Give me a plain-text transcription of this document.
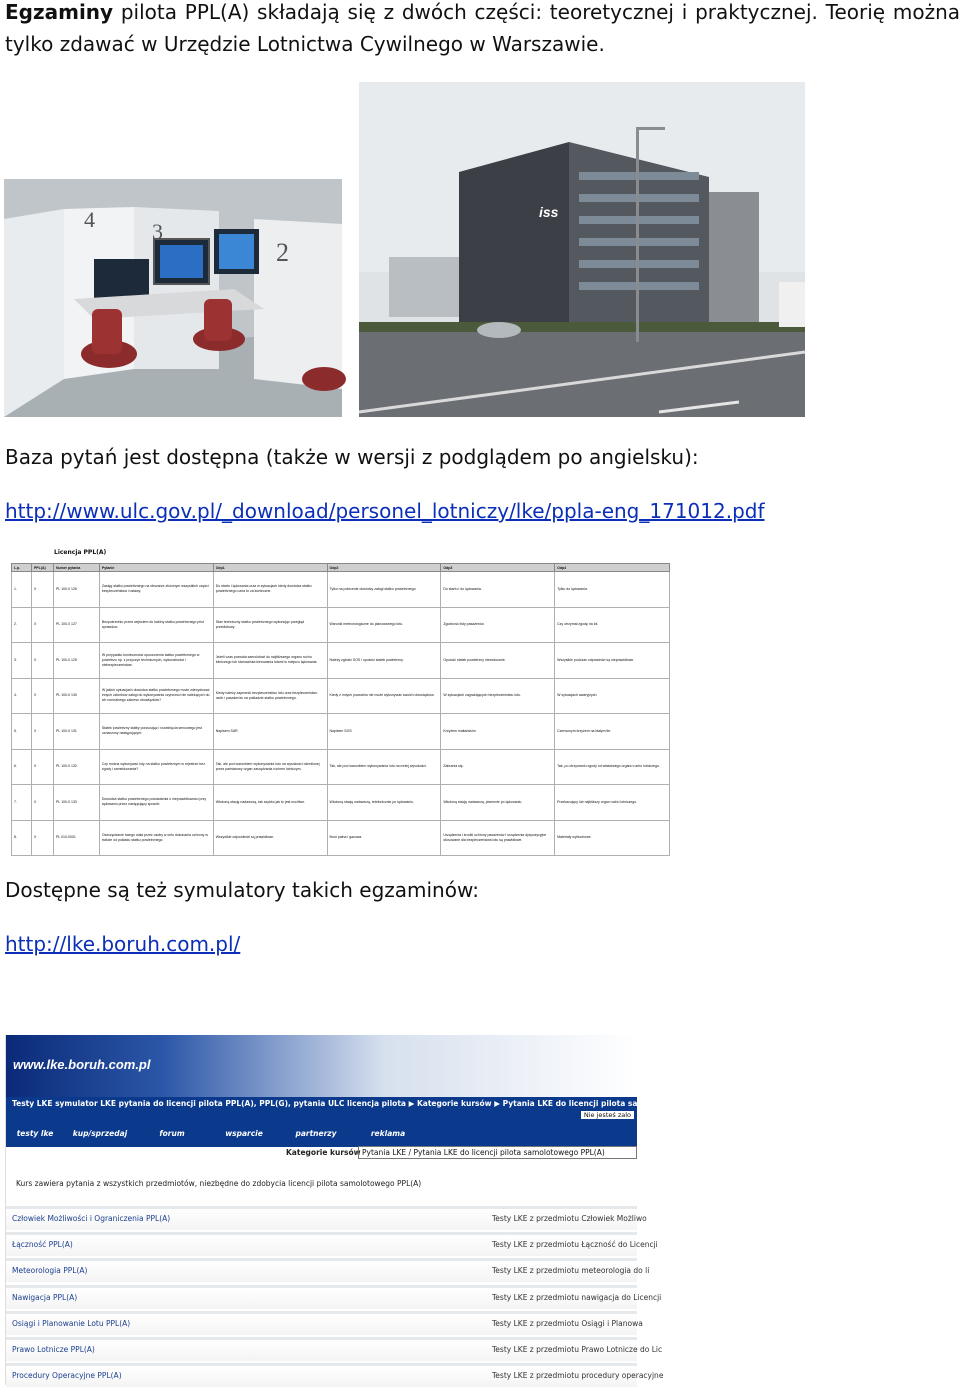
Egzaminy pilota PPL(A) składają się z dwóch części: teoretycznej i praktycznej. Teorię można tylko zdawać w Urzędzie Lotnictwa Cywilnego w Warszawie.

4	3
2
iss

Baza pytań jest dostępna (także w wersji z podglądem po angielsku):

http://www.ulc.gov.pl/_download/personel_lotniczy/lke/ppla-eng_171012.pdf

Licencja PPL(A)
L.p.	PPL(A)	Numer pytania	Pytanie	Odp1	Odp2	Odp3	Odp4
1.	X	PL 100-0 126	Zasięg statku powietrznego na obszarze złożonym wszystkich części bezpieczeństwa i ustawy.	Do startu i lądowania oraz w sytuacjach kiedy dowódca statku powietrznego uzna to za konieczne.	Tylko na polecenie dowódcy załogi statku powietrznego.	Do startu i do lądowania.	Tylko do lądowania.
2.	X	PL 100-0 127	Bezpośrednio przed wejściem do kabiny statku powietrznego pilot sprawdza:	Stan techniczny statku powietrznego wykonując przegląd przedlotowy.	Warunki meteorologiczne do planowanego lotu.	Zgodność listy pasażerów.	Czy otrzymał zgodę na lot.
3.	X	PL 100-0 125	W przypadku konieczności opuszczenia statku powietrznego w powietrzu np. z przyczyn technicznych, wykonalności i niebezpieczeństwa:	Jeżeli czas pozwala samolotowi do najbliższego organu ruchu lotniczego lub stanowiska kierowania lotami w miejscu lądowania.	Należy zgłosić SOS i opuścić statek powietrzny.	Opuścić statek powietrzny niezwłocznie.	Wszystkie podczas odpowiedzi są nieprawidłowe.
4.	X	PL 100-0 130	W jakich sytuacjach dowódca statku powietrznego może zdecydować innych członków załogi do wykonywania czynności nie należących do ich normalnego zakresu obowiązków?	Kiedy należy zapewnić bezpieczeństwo lotu oraz bezpieczeństwo osób i pasażerów na pokładzie statku powietrznego.	Kiedy z innych powodów nie może wykonywać swoich obowiązków.	W sytuacjach zagrażających bezpieczeństwu lotu.	W sytuacjach awaryjnych.
5.	X	PL 100-0 131	Statek powietrzny stałby porzucając i rozwinięcia sercowego jest oznaczony następującym:	Napisem SAR	Napisem SOS	Krzyżem maltańskim	Czerwonym krzyżem na białym tle.
6.	X	PL 100-0 132	Czy można wykonywać loty na statku powietrznym w rejestrze bez zgody i zameldowania?	Tak, ale pod warunkiem wykonywania lotu na wysokości określonej przez państwowy organ zarządzania ruchem lotniczym.	Tak, ale pod warunkiem wykonywania lotu na mniej wysokości.	Zabrania się.	Tak, po otrzymaniu zgody od właściwego organu ruchu lotniczego.
7.	X	PL 100-0 133	Dowódca statku powietrznego powiadamia o nieprawidłowości przy lądowaniu przez następujący sposób:	Włożoną stację nadawczą, tak szybko jak to jest możliwe.	Włożoną stację nadawczą, telefonicznie po lądowaniu.	Włożoną stację nadawczą, pisemnie po lądowaniu.	Przekazujący lub najbliższy organ ruchu lotniczego.
8.	X	PL 010-0001	Oszczędzanie swego ciała przez osoby w celu dokonania ochrony w trakcie od pokładu statku powietrznego:	Wszystkie odpowiedzi są prawidłowe.	Broń palna i gazowa.	Urządzenia i środki ochrony pasażerów i urządzenia dyspozycyjne stosowane dla bezpieczeństwa lotu są prawidłowe.	Materiały wybuchowe.

Dostępne są też symulatory takich egzaminów:

http://lke.boruh.com.pl/

www.lke.boruh.com.pl
Testy LKE symulator LKE pytania do licencji pilota PPL(A), PPL(G), pytania ULC licencja pilota ▶ Kategorie kursów ▶ Pytania LKE do licencji pilota samolotowego
Nie jesteś zalo
testy lke	kup/sprzedaj	forum	wsparcie	partnerzy	reklama
Kategorie kursów Pytania LKE / Pytania LKE do licencji pilota samolotowego PPL(A)
Kurs zawiera pytania z wszystkich przedmiotów, niezbędne do zdobycia licencji pilota samolotowego PPL(A)
Człowiek Możliwości i Ograniczenia PPL(A)	Testy LKE z przedmiotu Człowiek Możliwo
Łączność PPL(A)	Testy LKE z przedmiotu Łączność do Licencji
Meteorologia PPL(A)	Testy LKE z przedmiotu meteorologia do li
Nawigacja PPL(A)	Testy LKE z przedmiotu nawigacja do Licencji
Osiągi i Planowanie Lotu PPL(A)	Testy LKE z przedmiotu Osiągi i Planowa
Prawo Lotnicze PPL(A)	Testy LKE z przedmiotu Prawo Lotnicze do Lic
Procedury Operacyjne PPL(A)	Testy LKE z przedmiotu procedury operacyjne
